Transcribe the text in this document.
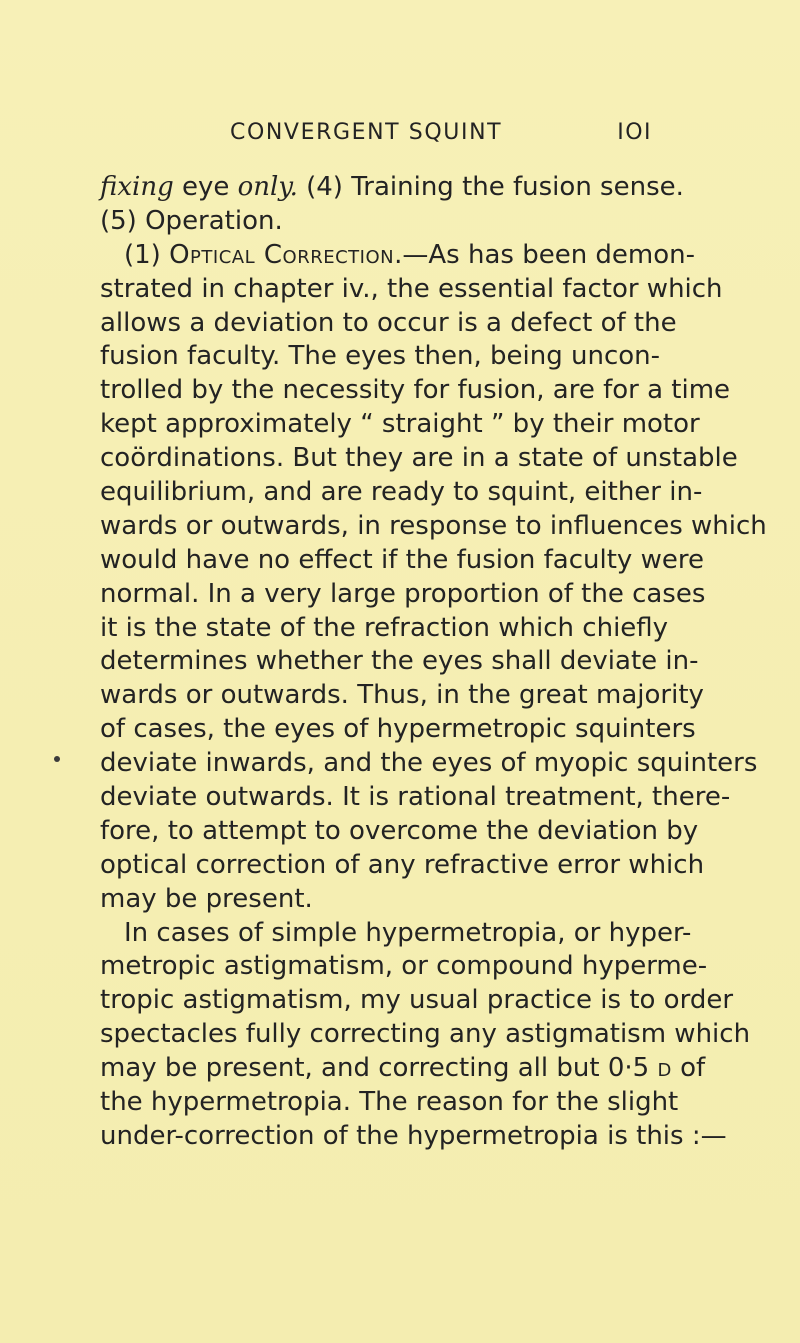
CONVERGENT SQUINT	IOI
fixing eye only. (4) Training the fusion sense.
(5) Operation.
(1) Optical Correction.—As has been demon-
strated in chapter iv., the essential factor which
allows a deviation to occur is a defect of the
fusion faculty. The eyes then, being uncon-
trolled by the necessity for fusion, are for a time
kept approximately “ straight ” by their motor
coördinations. But they are in a state of unstable
equilibrium, and are ready to squint, either in-
wards or outwards, in response to influences which
would have no effect if the fusion faculty were
normal. In a very large proportion of the cases
it is the state of the refraction which chiefly
determines whether the eyes shall deviate in-
wards or outwards. Thus, in the great majority
of cases, the eyes of hypermetropic squinters
deviate inwards, and the eyes of myopic squinters
deviate outwards. It is rational treatment, there-
fore, to attempt to overcome the deviation by
optical correction of any refractive error which
may be present.
In cases of simple hypermetropia, or hyper-
metropic astigmatism, or compound hyperme-
tropic astigmatism, my usual practice is to order
spectacles fully correcting any astigmatism which
may be present, and correcting all but 0·5 d of
the hypermetropia. The reason for the slight
under-correction of the hypermetropia is this :—
